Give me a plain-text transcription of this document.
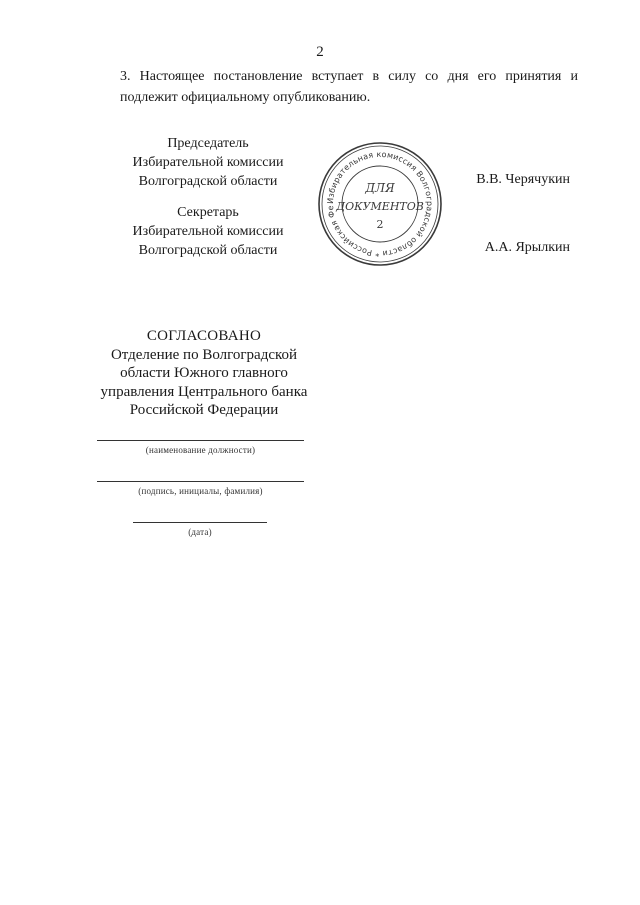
2
3. Настоящее постановление вступает в силу со дня его принятия и подлежит официальному опубликованию.
Председатель
Избирательной комиссии
Волгоградской области	В.В. Черячукин
Секретарь
Избирательной комиссии
Волгоградской области	А.А. Ярылкин
Избирательная комиссия Волгоградской области * Российская Фе
ДЛЯ
ДОКУМЕНТОВ
2
СОГЛАСОВАНО
Отделение по Волгоградской
области Южного главного
управления Центрального банка
Российской Федерации
(наименование должности)
(подпись, инициалы, фамилия)
(дата)
